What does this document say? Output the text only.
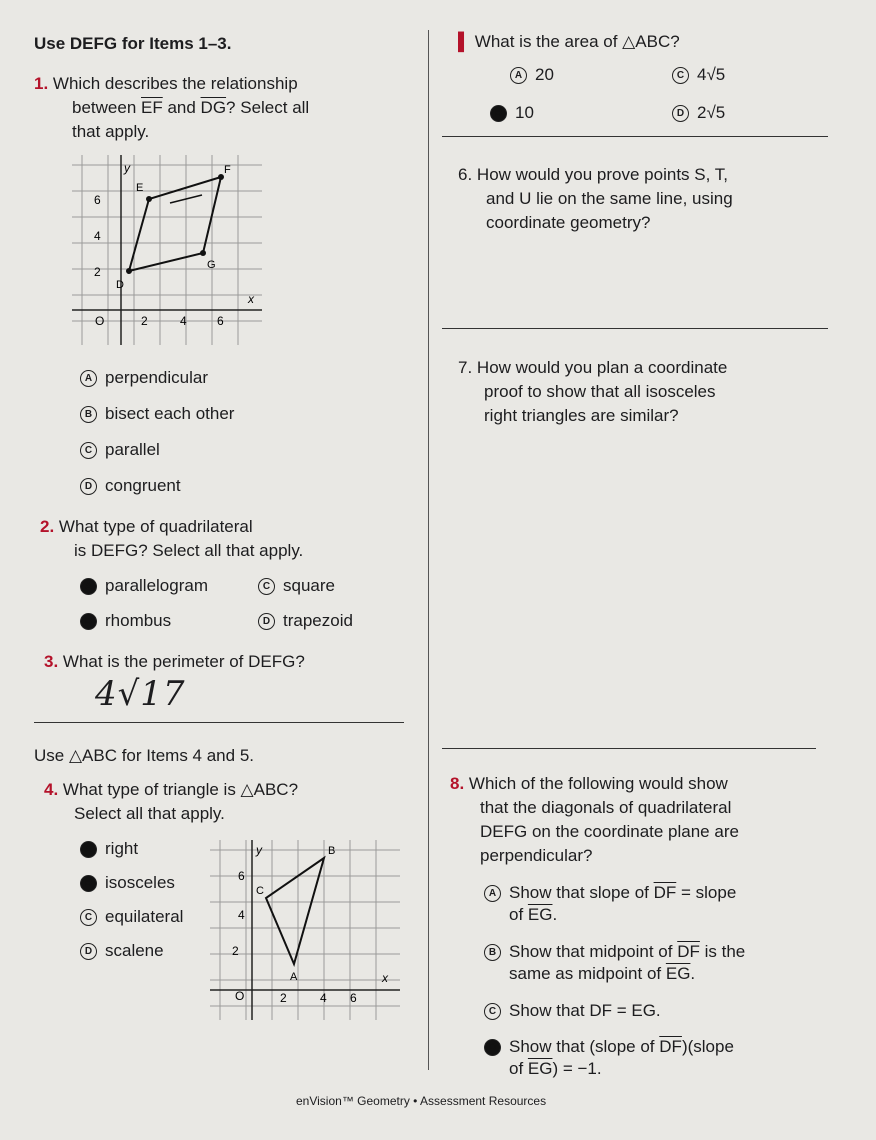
Use DEFG for Items 1–3.
1. Which describes the relationship
between $\overline{EF}$ and $\overline{DG}$? Select all
that apply.
y
x
6
4
2
O	2	4	6
E
F
G
D
A perpendicular
B bisect each other
C parallel
D congruent
2. What type of quadrilateral
is DEFG? Select all that apply.
A parallelogram	C square
B rhombus	D trapezoid
3. What is the perimeter of DEFG?
4√17
Use △ABC for Items 4 and 5.
4. What type of triangle is △ABC?
Select all that apply.
A right
B isosceles
C equilateral
D scalene
y
x
6
4
2
O	2	4 6
B
C
A
▌ What is the area of △ABC?
A 20	C 4√5
B 10	D 2√5
6. How would you prove points S, T,
and U lie on the same line, using
coordinate geometry?
7. How would you plan a coordinate
proof to show that all isosceles
right triangles are similar?
8. Which of the following would show
that the diagonals of quadrilateral
DEFG on the coordinate plane are
perpendicular?
A Show that slope of $\overline{DF}$ = slope
of $\overline{EG}$.
B Show that midpoint of $\overline{DF}$ is the
same as midpoint of $\overline{EG}$.
C Show that DF = EG.
D Show that (slope of $\overline{DF})(slope$
of $\overline{EG}) = -1$.
enVision™ Geometry • Assessment Resources
